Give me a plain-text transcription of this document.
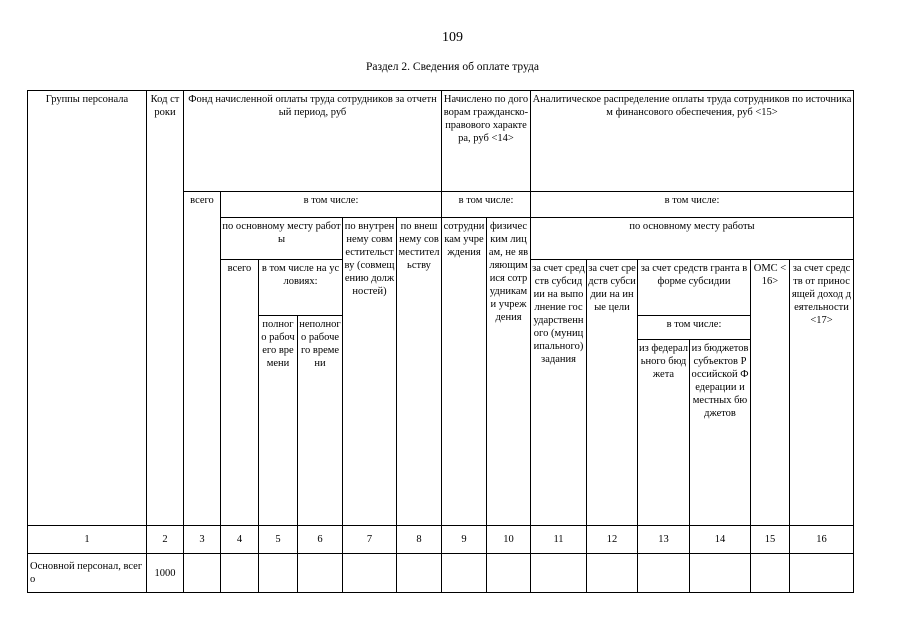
109
Раздел 2. Сведения об оплате труда
Группы персонала	Код строки	Фонд начисленной оплаты труда сотрудников за отчетный период, руб						Начислено по договорам гражданско-правового характера, руб <14>		Аналитическое распределение оплаты труда сотрудников по источникам финансового обеспечения, руб <15>					
		всего	в том числе:					в том числе:		в том числе:					
			по основному месту работы			по внутреннему совместительству (совмещению должностей)	по внешнему совместительству	сотрудникам учреждения	физическим лицам, не являющимися сотрудниками учреждения	по основному месту работы					
			всего	в том числе на условиях:						за счет средств субсидии на выполнение государственного (муниципального) задания	за счет средств субсидии на иные цели	за счет средств гранта в форме субсидии		ОМС <16>	за счет средств от приносящей доход деятельности <17>
				полного рабочего времени	неполного рабочего времени							в том числе:			
												из федерального бюджета	из бюджетов субъектов Российской Федерации и местных бюджетов		
1	2	3	4	5	6	7	8	9	10	11	12	13	14	15	16
Основной персонал, всего	1000														
